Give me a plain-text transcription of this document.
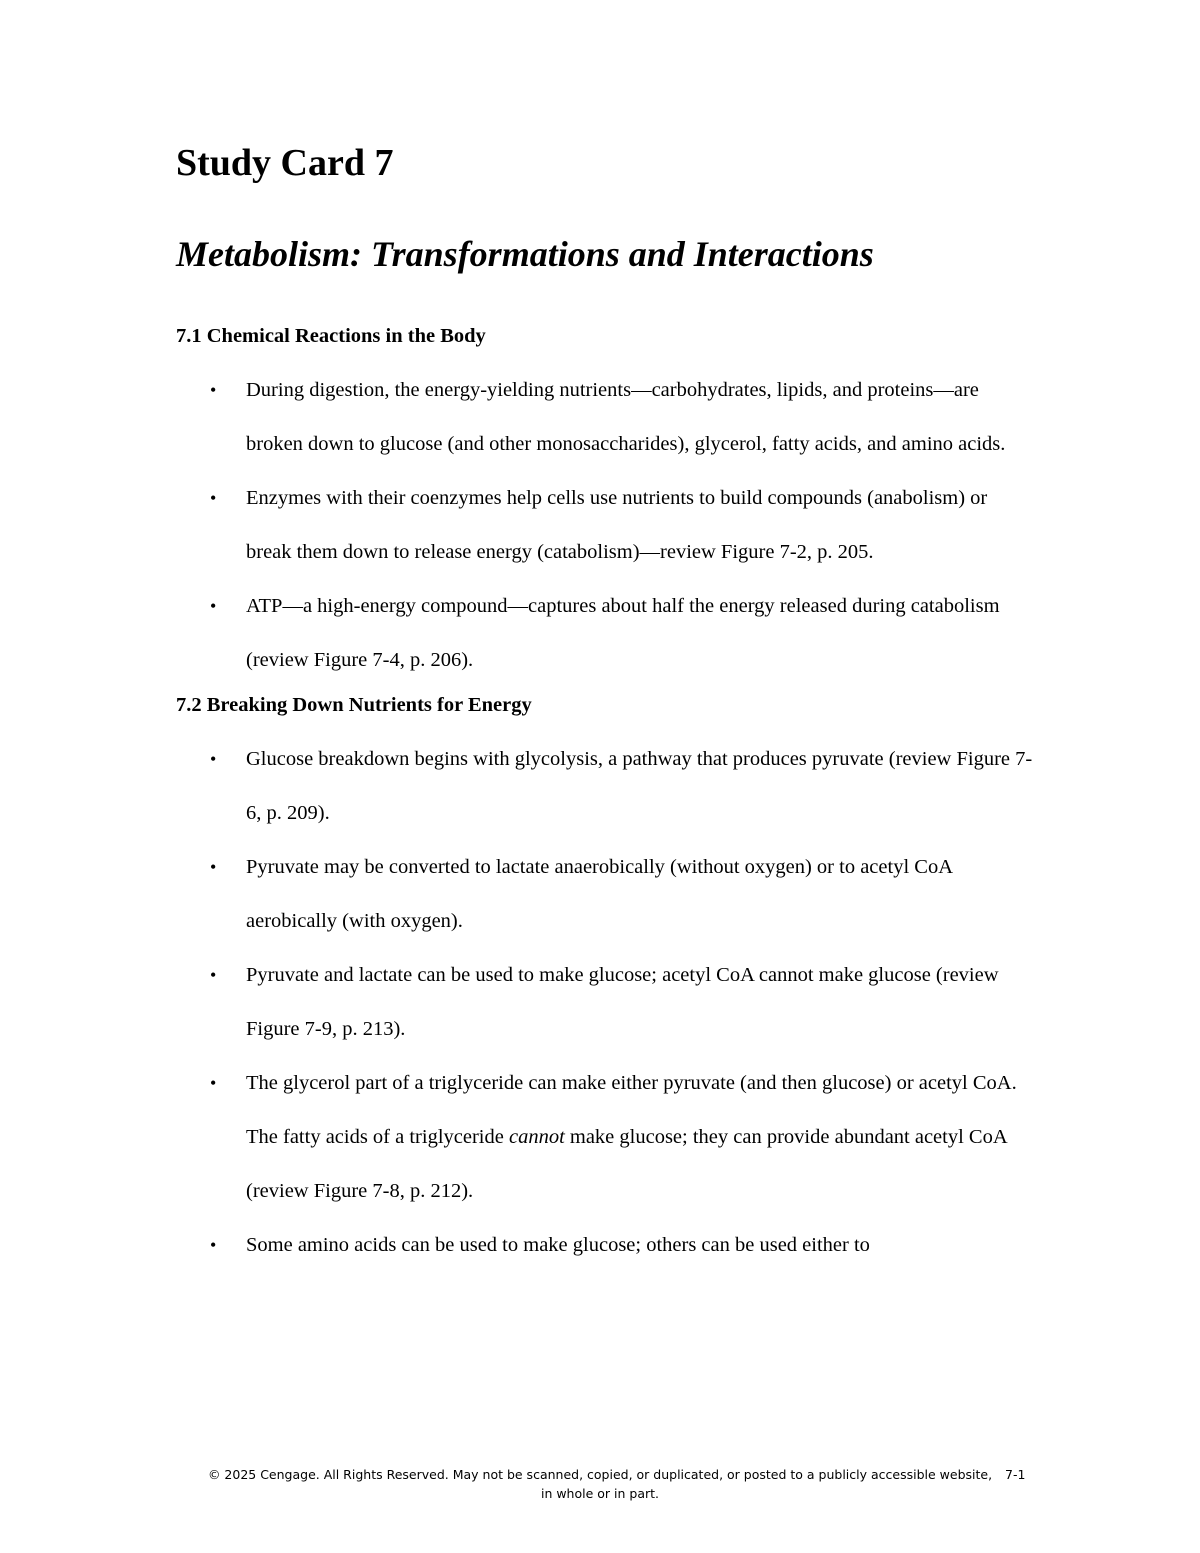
Study Card 7
Metabolism: Transformations and Interactions
7.1 Chemical Reactions in the Body
• During digestion, the energy-yielding nutrients—carbohydrates, lipids, and proteins—are broken down to glucose (and other monosaccharides), glycerol, fatty acids, and amino acids.
• Enzymes with their coenzymes help cells use nutrients to build compounds (anabolism) or break them down to release energy (catabolism)—review Figure 7-2, p. 205.
• ATP—a high-energy compound—captures about half the energy released during catabolism (review Figure 7-4, p. 206).
7.2 Breaking Down Nutrients for Energy
• Glucose breakdown begins with glycolysis, a pathway that produces pyruvate (review Figure 7-6, p. 209).
• Pyruvate may be converted to lactate anaerobically (without oxygen) or to acetyl CoA aerobically (with oxygen).
• Pyruvate and lactate can be used to make glucose; acetyl CoA cannot make glucose (review Figure 7-9, p. 213).
• The glycerol part of a triglyceride can make either pyruvate (and then glucose) or acetyl CoA. The fatty acids of a triglyceride cannot make glucose; they can provide abundant acetyl CoA (review Figure 7-8, p. 212).
• Some amino acids can be used to make glucose; others can be used either to
© 2025 Cengage. All Rights Reserved. May not be scanned, copied, or duplicated, or posted to a publicly accessible website, 7-1
in whole or in part.
